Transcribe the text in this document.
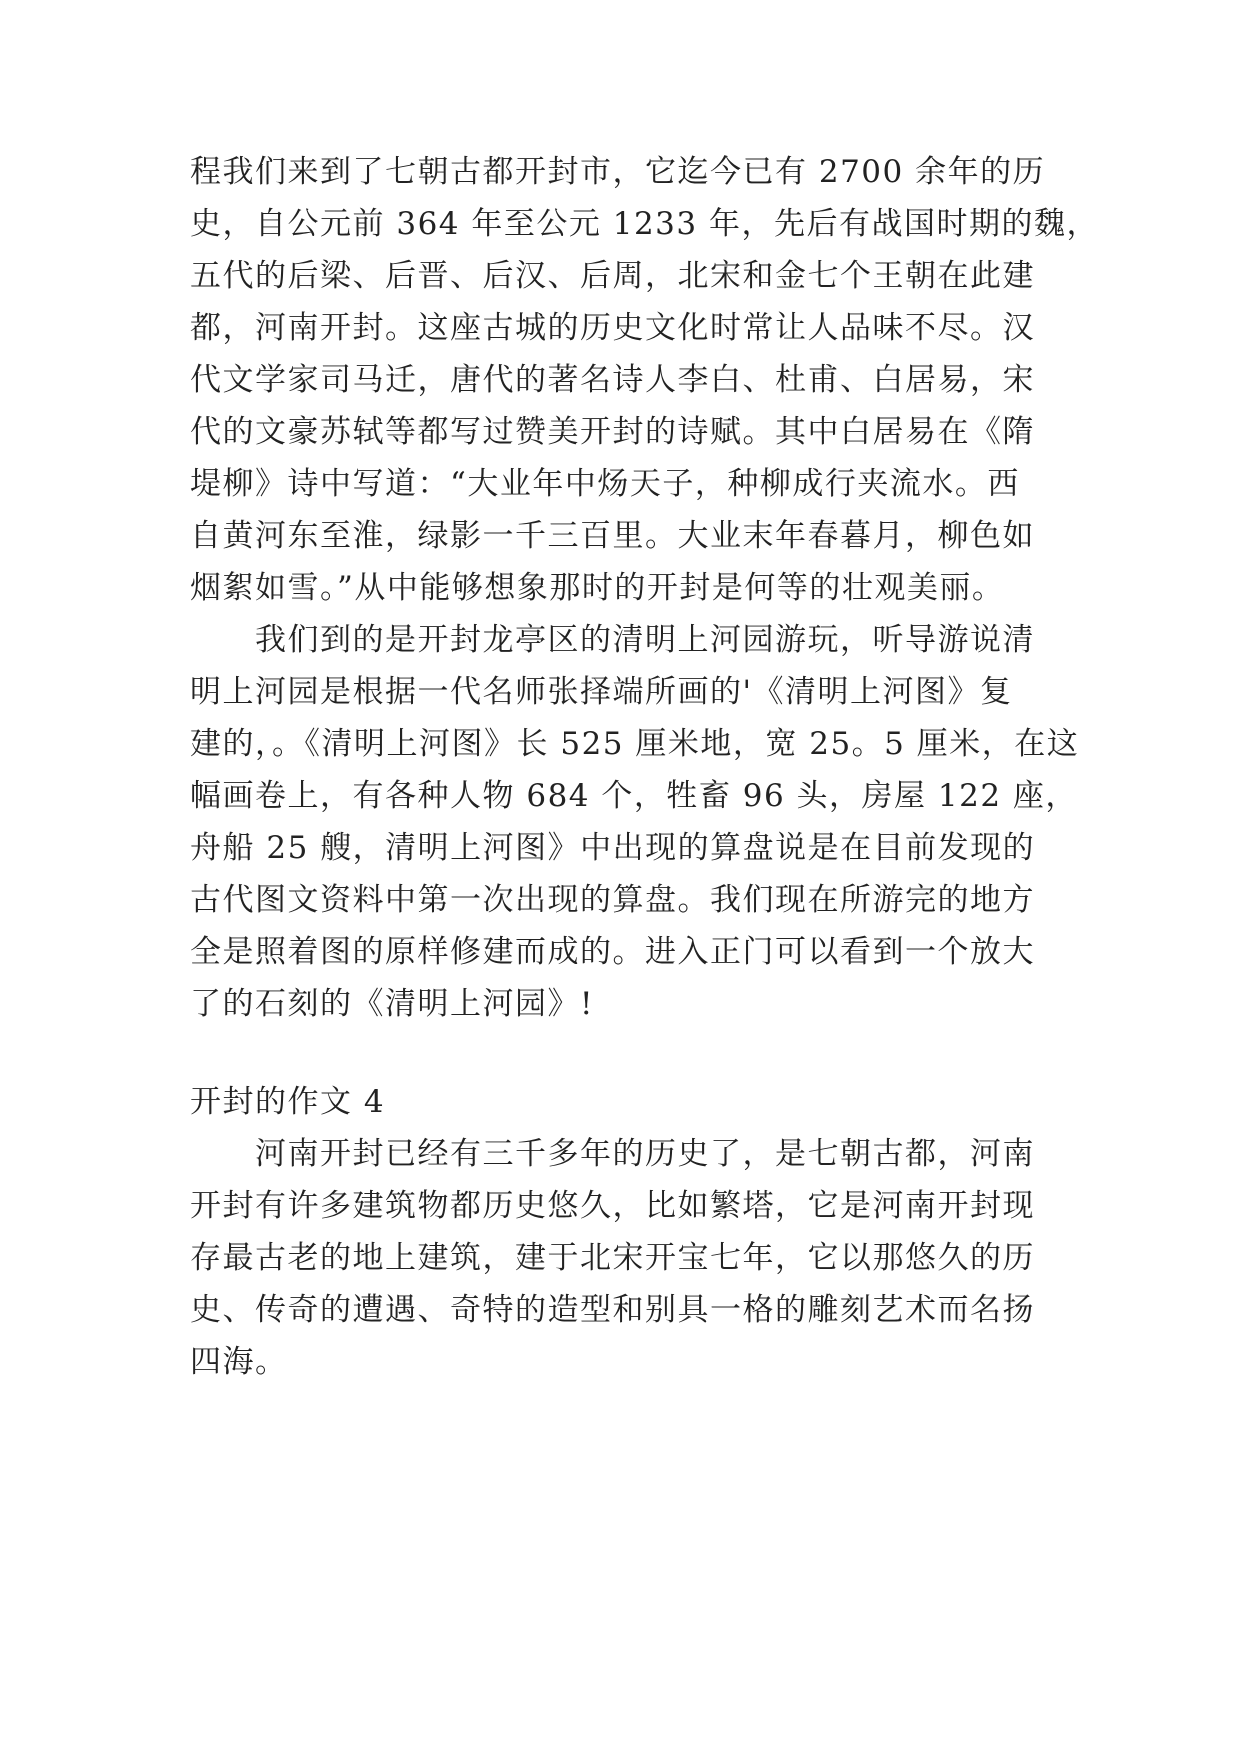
程我们来到了七朝古都开封市，它迄今已有 2700 余年的历
史，自公元前 364 年至公元 1233 年，先后有战国时期的魏，
五代的后梁、后晋、后汉、后周，北宋和金七个王朝在此建
都，河南开封。这座古城的历史文化时常让人品味不尽。汉
代文学家司马迁，唐代的著名诗人李白、杜甫、白居易，宋
代的文豪苏轼等都写过赞美开封的诗赋。其中白居易在《隋
堤柳》诗中写道：“大业年中炀天子，种柳成行夹流水。西
自黄河东至淮，绿影一千三百里。大业末年春暮月，柳色如
烟絮如雪。”从中能够想象那时的开封是何等的壮观美丽。
我们到的是开封龙亭区的清明上河园游玩，听导游说清
明上河园是根据一代名师张择端所画的'《清明上河图》复
建的，。《清明上河图》长 525 厘米地，宽 25。5 厘米，在这
幅画卷上，有各种人物 684 个，牲畜 96 头，房屋 122 座，
舟船 25 艘，清明上河图》中出现的算盘说是在目前发现的
古代图文资料中第一次出现的算盘。我们现在所游完的地方
全是照着图的原样修建而成的。进入正门可以看到一个放大
了的石刻的《清明上河园》!
开封的作文 4
河南开封已经有三千多年的历史了，是七朝古都，河南
开封有许多建筑物都历史悠久，比如繁塔，它是河南开封现
存最古老的地上建筑，建于北宋开宝七年，它以那悠久的历
史、传奇的遭遇、奇特的造型和别具一格的雕刻艺术而名扬
四海。
